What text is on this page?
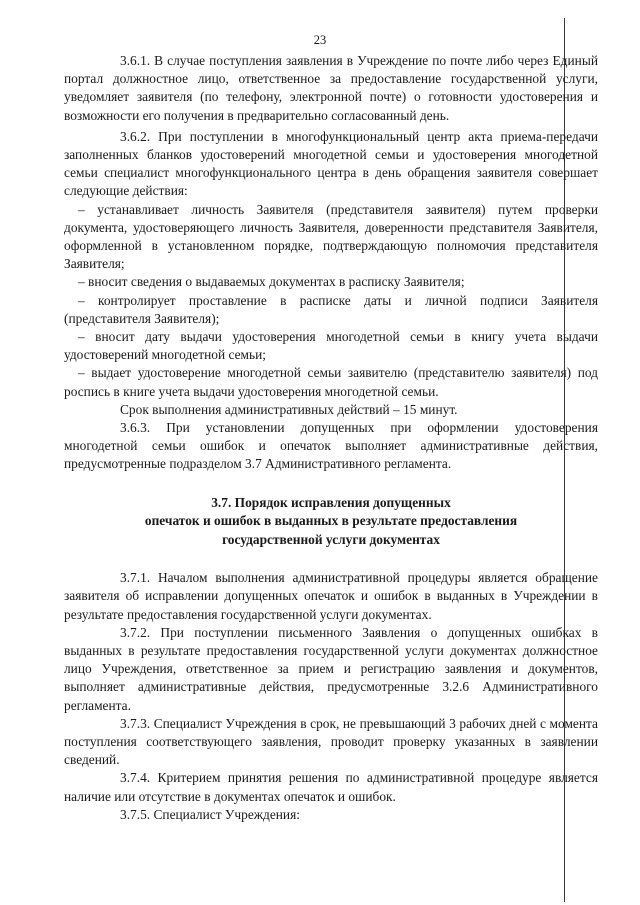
23

3.6.1. В случае поступления заявления в Учреждение по почте либо через Единый портал должностное лицо, ответственное за предоставление государственной услуги, уведомляет заявителя (по телефону, электронной почте) о готовности удостоверения и возможности его получения в предварительно согласованный день.

3.6.2. При поступлении в многофункциональный центр акта приема-передачи заполненных бланков удостоверений многодетной семьи и удостоверения многодетной семьи специалист многофункционального центра в день обращения заявителя совершает следующие действия:

– устанавливает личность Заявителя (представителя заявителя) путем проверки документа, удостоверяющего личность Заявителя, доверенности представителя Заявителя, оформленной в установленном порядке, подтверждающую полномочия представителя Заявителя;

– вносит сведения о выдаваемых документах в расписку Заявителя;

– контролирует проставление в расписке даты и личной подписи Заявителя (представителя Заявителя);

– вносит дату выдачи удостоверения многодетной семьи в книгу учета выдачи удостоверений многодетной семьи;

– выдает удостоверение многодетной семьи заявителю (представителю заявителя) под роспись в книге учета выдачи удостоверения многодетной семьи.

Срок выполнения административных действий – 15 минут.

3.6.3. При установлении допущенных при оформлении удостоверения многодетной семьи ошибок и опечаток выполняет административные действия, предусмотренные подразделом 3.7 Административного регламента.

3.7. Порядок исправления допущенных

опечаток и ошибок в выданных в результате предоставления

государственной услуги документах

3.7.1. Началом выполнения административной процедуры является обращение заявителя об исправлении допущенных опечаток и ошибок в выданных в Учреждении в результате предоставления государственной услуги документах.

3.7.2. При поступлении письменного Заявления о допущенных ошибках в выданных в результате предоставления государственной услуги документах должностное лицо Учреждения, ответственное за прием и регистрацию заявления и документов, выполняет административные действия, предусмотренные 3.2.6 Административного регламента.

3.7.3. Специалист Учреждения в срок, не превышающий 3 рабочих дней с момента поступления соответствующего заявления, проводит проверку указанных в заявлении сведений.

3.7.4. Критерием принятия решения по административной процедуре является наличие или отсутствие в документах опечаток и ошибок.

3.7.5. Специалист Учреждения:
